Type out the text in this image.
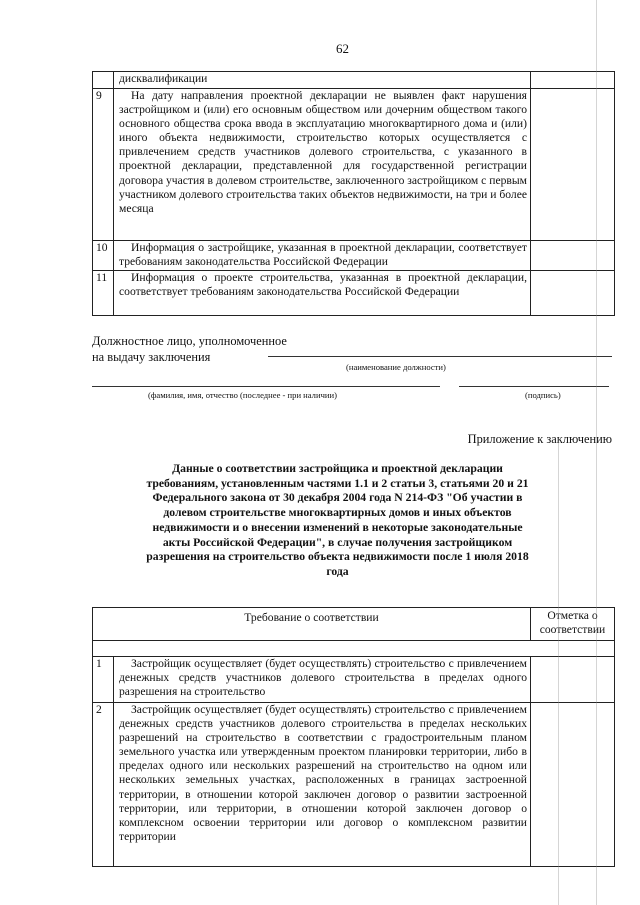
62
	дисквалификации	
9	На дату направления проектной декларации не выявлен факт нарушения застройщиком и (или) его основным обществом или дочерним обществом такого основного общества срока ввода в эксплуатацию многоквартирного дома и (или) иного объекта недвижимости, строительство которых осуществляется с привлечением средств участников долевого строительства, с указанного в проектной декларации, представленной для государственной регистрации договора участия в долевом строительстве, заключенного застройщиком с первым участником долевого строительства таких объектов недвижимости, на три и более месяца	
10	Информация о застройщике, указанная в проектной декларации, соответствует требованиям законодательства Российской Федерации	
11	Информация о проекте строительства, указанная в проектной декларации, соответствует требованиям законодательства Российской Федерации	
Должностное лицо, уполномоченное
на выдачу заключения
(наименование должности)
(фамилия, имя, отчество (последнее - при наличии)	(подпись)
Приложение к заключению
Данные о соответствии застройщика и проектной декларации требованиям, установленным частями 1.1 и 2 статьи 3, статьями 20 и 21 Федерального закона от 30 декабря 2004 года N 214-ФЗ "Об участии в долевом строительстве многоквартирных домов и иных объектов недвижимости и о внесении изменений в некоторые законодательные акты Российской Федерации", в случае получения застройщиком разрешения на строительство объекта недвижимости после 1 июля 2018 года
Требование о соответствии		Отметка о соответствии

1	Застройщик осуществляет (будет осуществлять) строительство с привлечением денежных средств участников долевого строительства в пределах одного разрешения на строительство	
2	Застройщик осуществляет (будет осуществлять) строительство с привлечением денежных средств участников долевого строительства в пределах нескольких разрешений на строительство в соответствии с градостроительным планом земельного участка или утвержденным проектом планировки территории, либо в пределах одного или нескольких разрешений на строительство на одном или нескольких земельных участках, расположенных в границах застроенной территории, в отношении которой заключен договор о развитии застроенной территории, или территории, в отношении которой заключен договор о комплексном освоении территории или договор о комплексном развитии территории	
